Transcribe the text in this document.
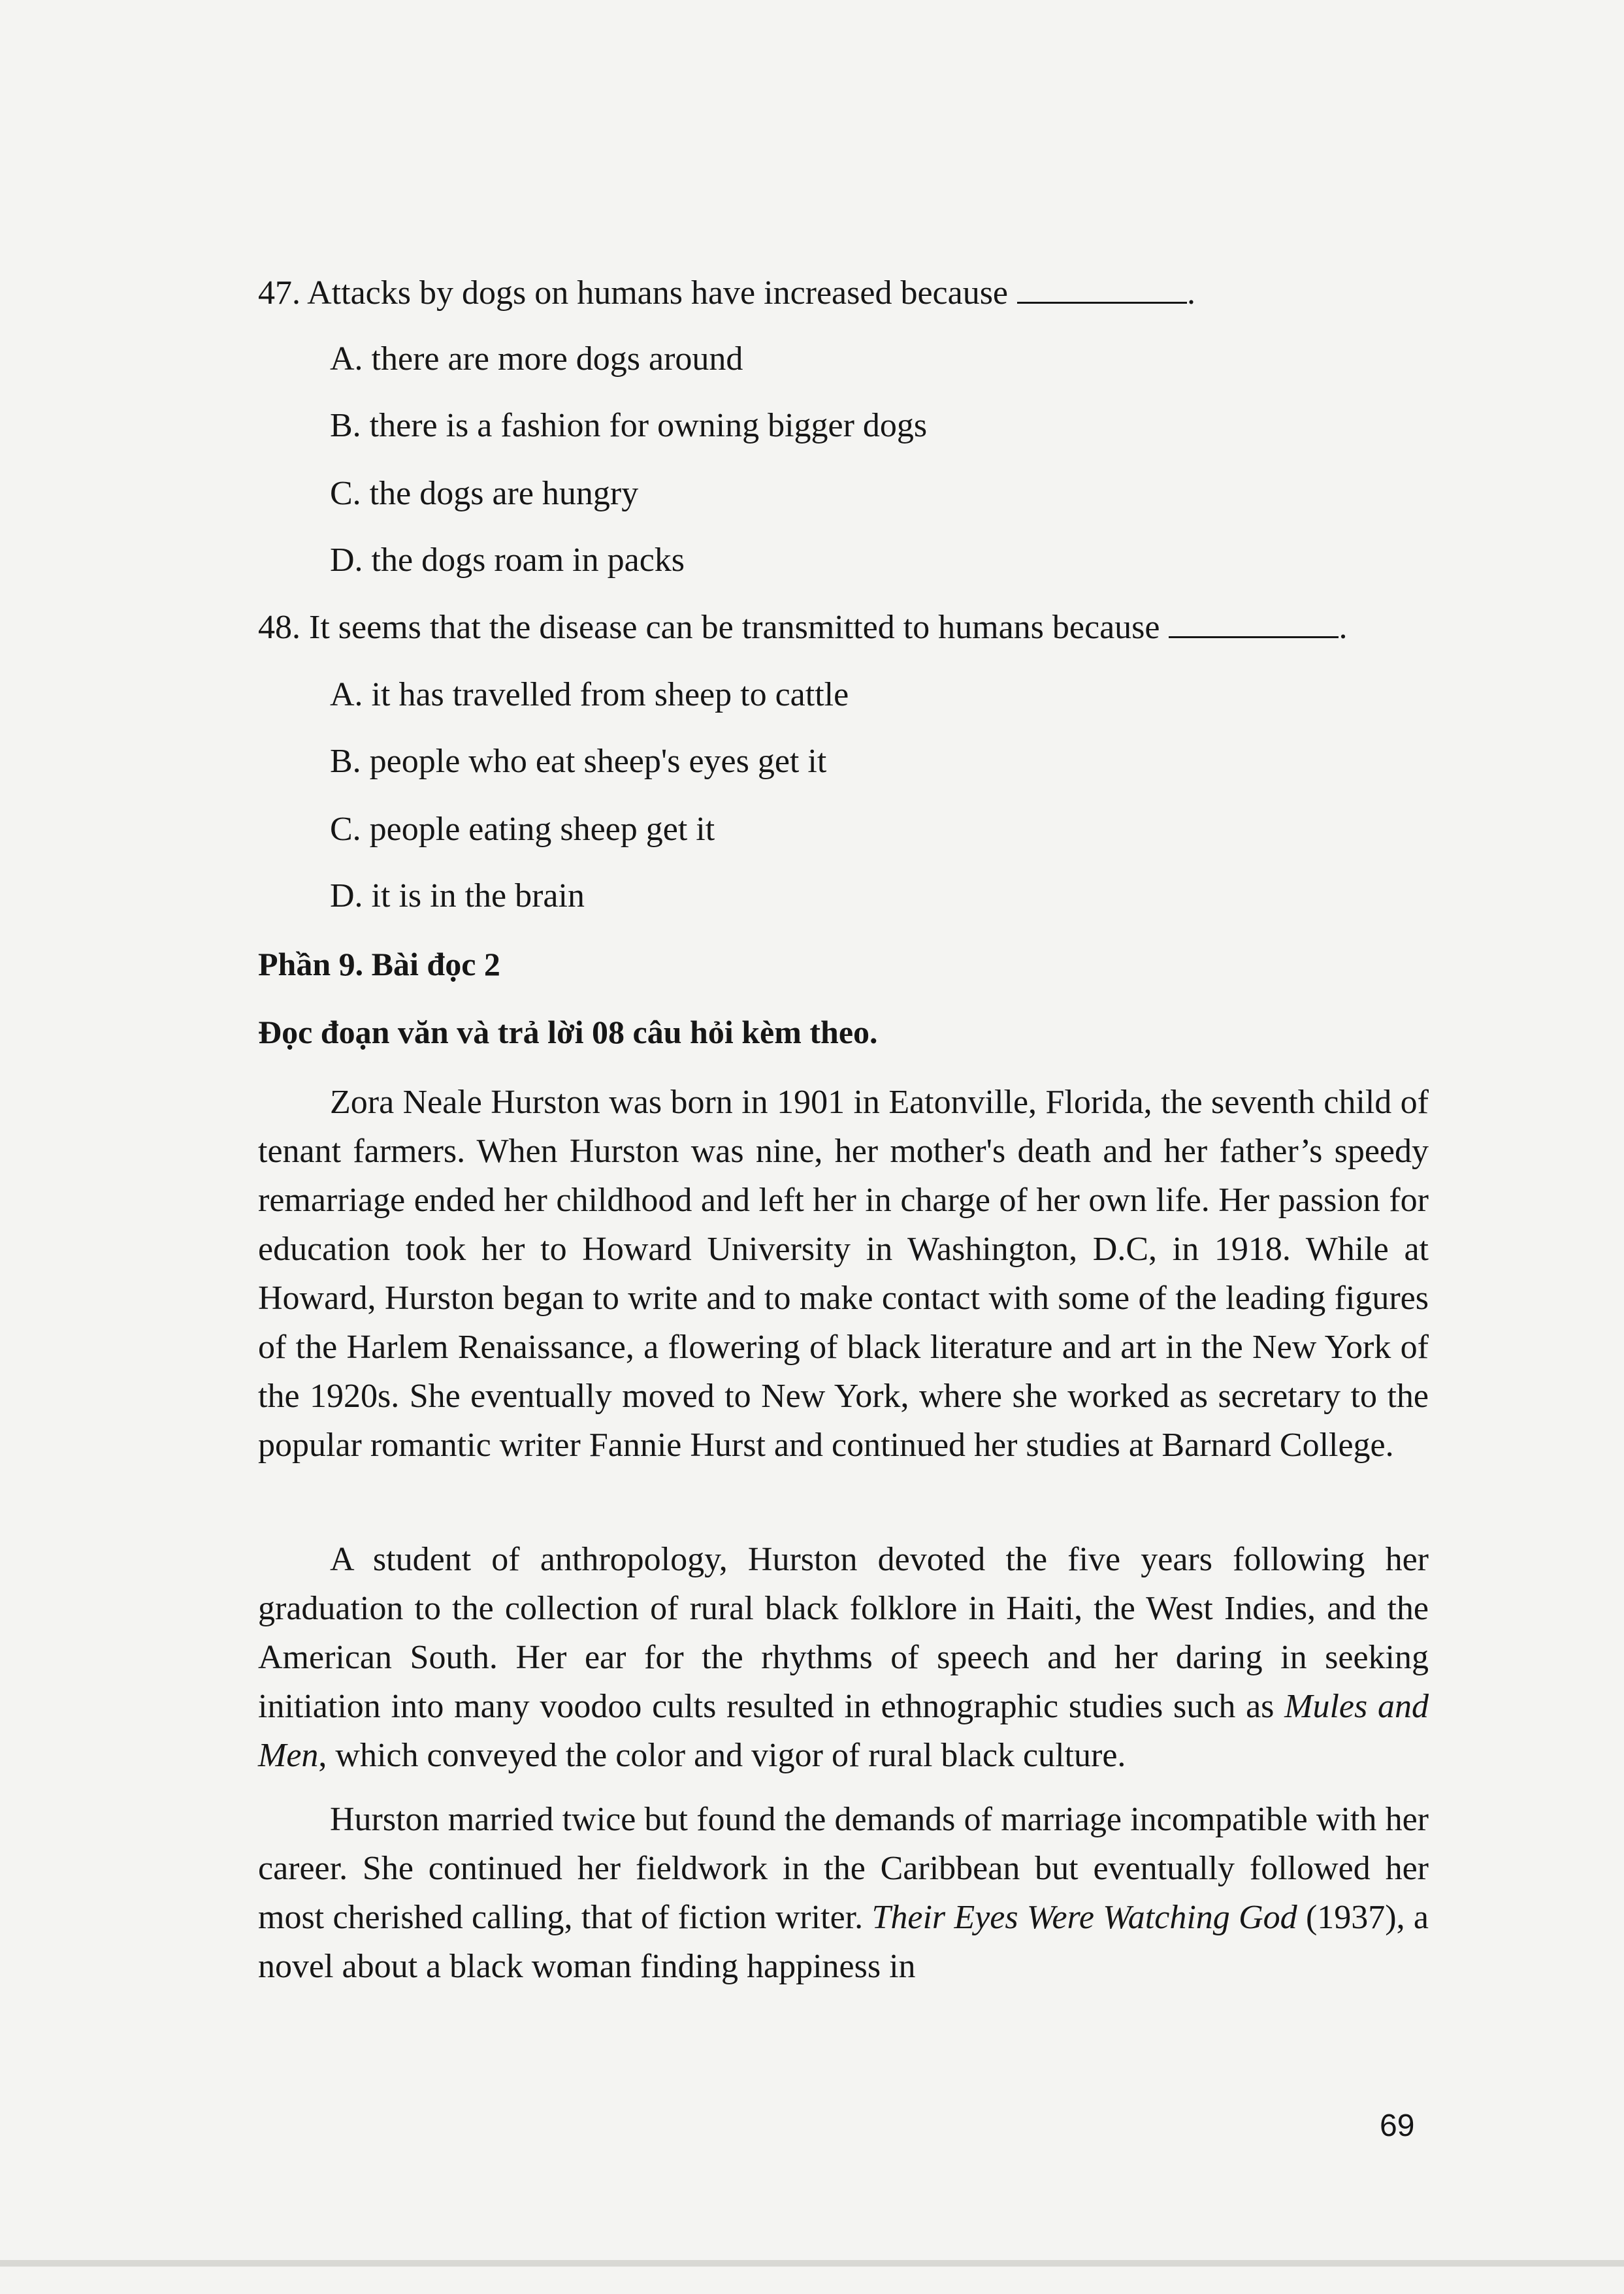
47. Attacks by dogs on humans have increased because	.
A. there are more dogs around
B. there is a fashion for owning bigger dogs
C. the dogs are hungry
D. the dogs roam in packs
48. It seems that the disease can be transmitted to humans because	.
A. it has travelled from sheep to cattle
B. people who eat sheep's eyes get it
C. people eating sheep get it
D. it is in the brain
Phần 9. Bài đọc 2
Đọc đoạn văn và trả lời 08 câu hỏi kèm theo.

Zora Neale Hurston was born in 1901 in Eatonville, Florida, the seventh child of tenant farmers. When Hurston was nine, her mother's death and her father’s speedy remarriage ended her childhood and left her in charge of her own life. Her passion for education took her to Howard University in Washington, D.C, in 1918. While at Howard, Hurston began to write and to make contact with some of the leading figures of the Harlem Renaissance, a flowering of black literature and art in the New York of the 1920s. She eventually moved to New York, where she worked as secretary to the popular romantic writer Fannie Hurst and continued her studies at Barnard College.

A student of anthropology, Hurston devoted the five years following her graduation to the collection of rural black folklore in Haiti, the West Indies, and the American South. Her ear for the rhythms of speech and her daring in seeking initiation into many voodoo cults resulted in ethnographic studies such as Mules and Men, which conveyed the color and vigor of rural black culture.

Hurston married twice but found the demands of marriage incompatible with her career. She continued her fieldwork in the Caribbean but eventually followed her most cherished calling, that of fiction writer. Their Eyes Were Watching God (1937), a novel about a black woman finding happiness in

69
